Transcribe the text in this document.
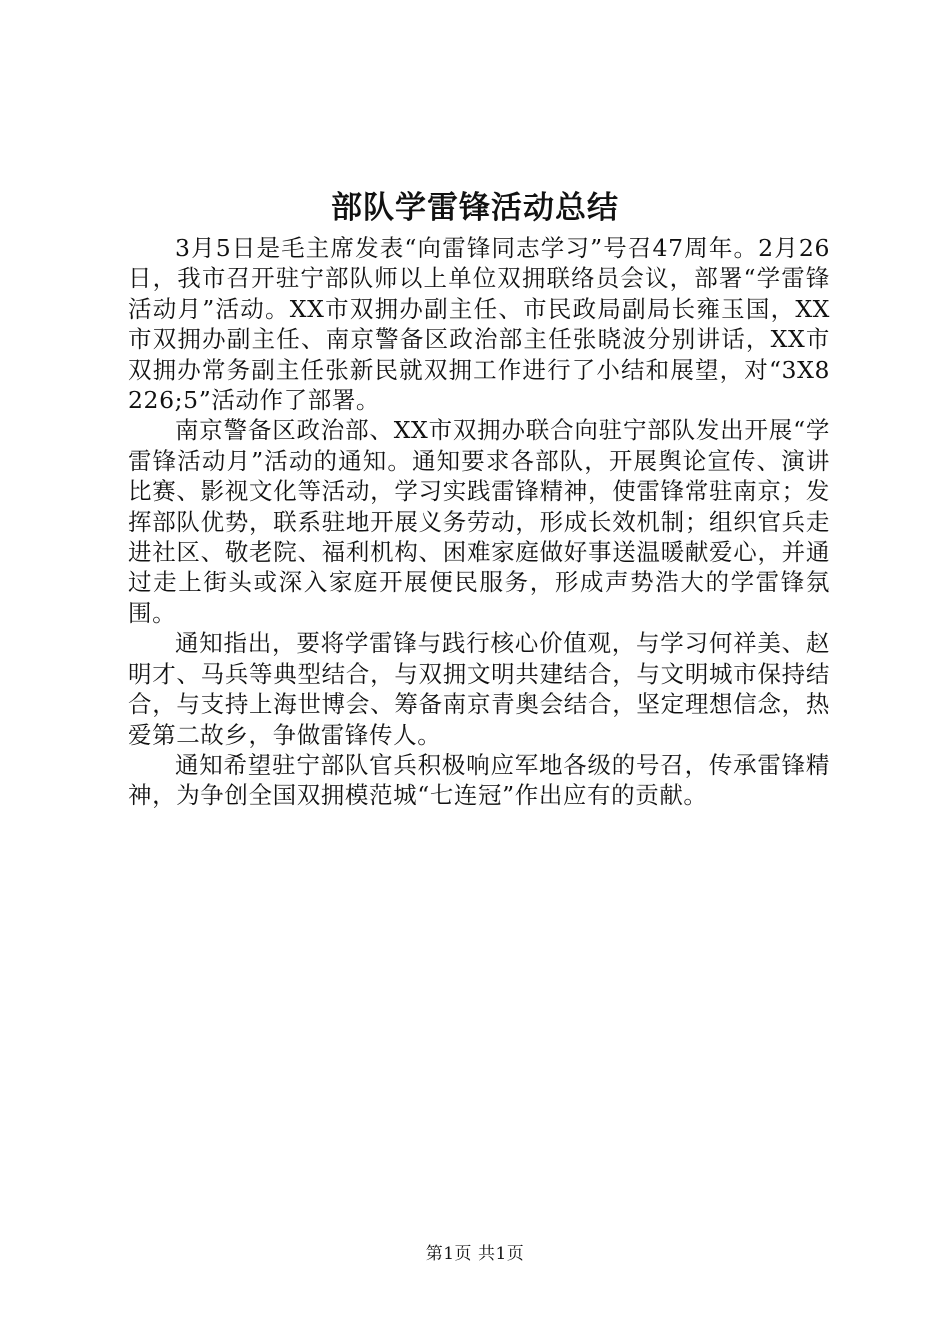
部队学雷锋活动总结

3月5日是毛主席发表“向雷锋同志学习”号召47周年。2月26日，我市召开驻宁部队师以上单位双拥联络员会议，部署“学雷锋活动月”活动。XX市双拥办副主任、市民政局副局长雍玉国，XX市双拥办副主任、南京警备区政治部主任张晓波分别讲话，XX市双拥办常务副主任张新民就双拥工作进行了小结和展望，对“3X8226;5”活动作了部署。

南京警备区政治部、XX市双拥办联合向驻宁部队发出开展“学雷锋活动月”活动的通知。通知要求各部队，开展舆论宣传、演讲比赛、影视文化等活动，学习实践雷锋精神，使雷锋常驻南京；发挥部队优势，联系驻地开展义务劳动，形成长效机制；组织官兵走进社区、敬老院、福利机构、困难家庭做好事送温暖献爱心，并通过走上街头或深入家庭开展便民服务，形成声势浩大的学雷锋氛围。

通知指出，要将学雷锋与践行核心价值观，与学习何祥美、赵明才、马兵等典型结合，与双拥文明共建结合，与文明城市保持结合，与支持上海世博会、筹备南京青奥会结合，坚定理想信念，热爱第二故乡，争做雷锋传人。

通知希望驻宁部队官兵积极响应军地各级的号召，传承雷锋精神，为争创全国双拥模范城“七连冠”作出应有的贡献。

第1页 共1页
